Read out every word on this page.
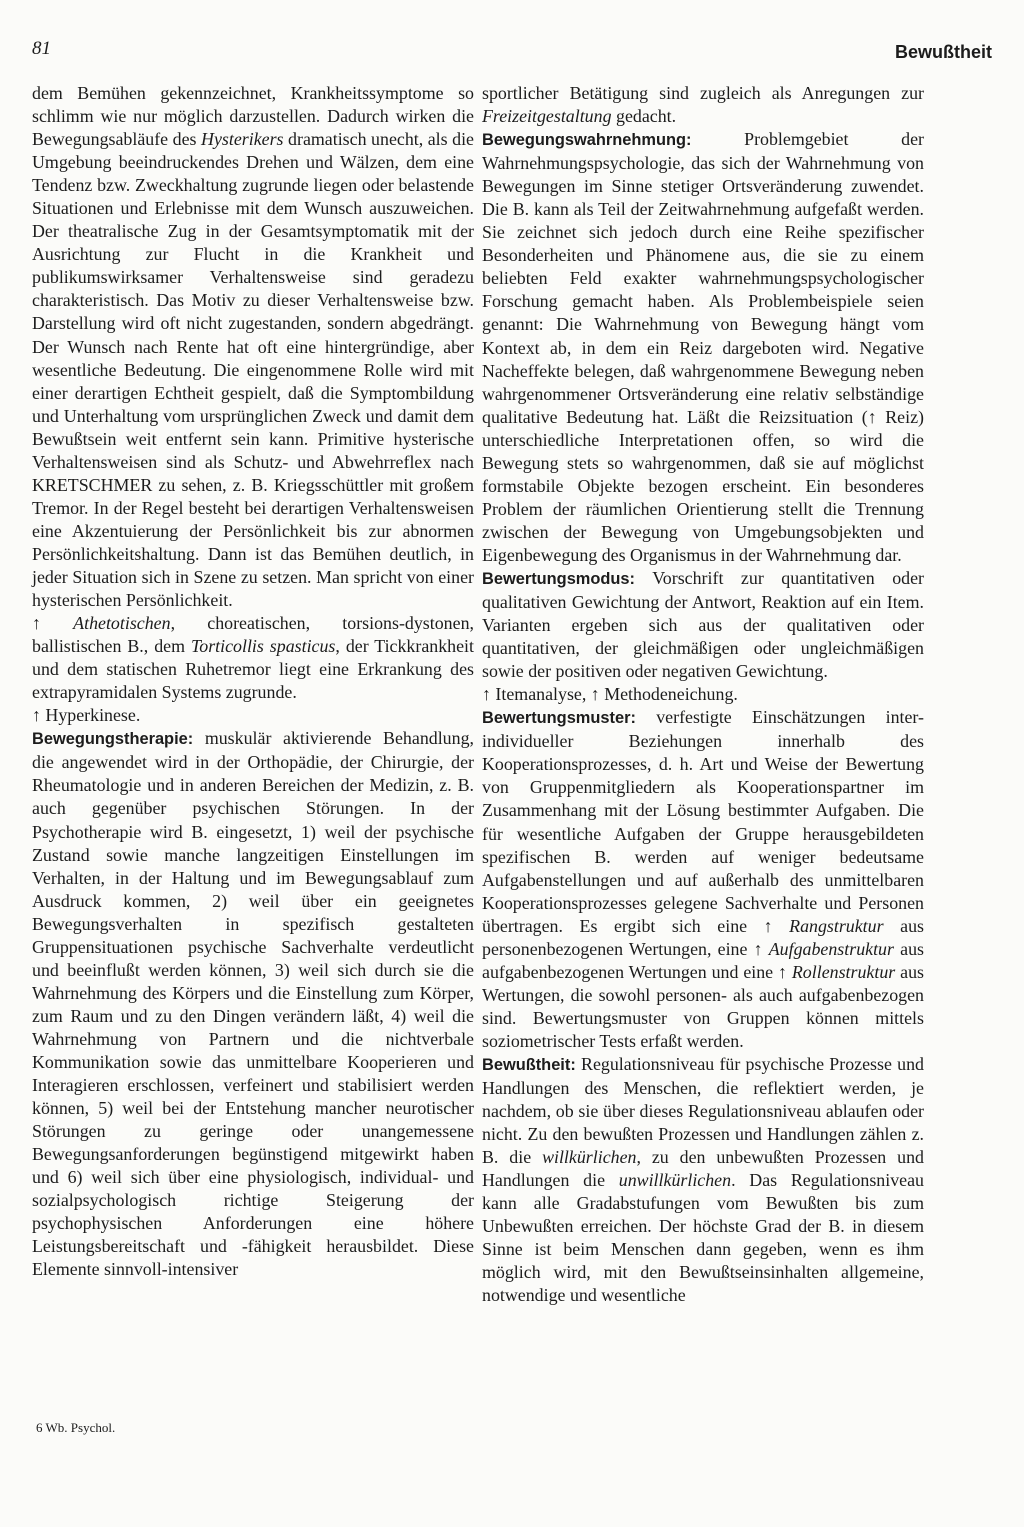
81	Bewußtheit

dem Bemühen gekennzeichnet, Krankheitssymptome so schlimm wie nur möglich darzustellen. Dadurch wirken die Bewegungsabläufe des Hysterikers dramatisch unecht, als die Umgebung beeindruckendes Drehen und Wälzen, dem eine Tendenz bzw. Zweckhaltung zugrunde liegen oder belastende Situationen und Erlebnisse mit dem Wunsch auszuweichen. Der theatralische Zug in der Gesamtsymptomatik mit der Ausrichtung zur Flucht in die Krankheit und publikumswirksamer Verhaltensweise sind geradezu charakteristisch. Das Motiv zu dieser Verhaltensweise bzw. Darstellung wird oft nicht zugestanden, sondern abgedrängt. Der Wunsch nach Rente hat oft eine hintergründige, aber wesentliche Bedeutung. Die eingenommene Rolle wird mit einer derartigen Echtheit gespielt, daß die Symptombildung und Unterhaltung vom ursprünglichen Zweck und damit dem Bewußtsein weit entfernt sein kann. Primitive hysterische Verhaltensweisen sind als Schutz- und Abwehrreflex nach KRETSCHMER zu sehen, z. B. Kriegsschüttler mit großem Tremor. In der Regel besteht bei derartigen Verhaltensweisen eine Akzentuierung der Persönlichkeit bis zur abnormen Persönlichkeitshaltung. Dann ist das Bemühen deutlich, in jeder Situation sich in Szene zu setzen. Man spricht von einer hysterischen Persönlichkeit.

↑ Athetotischen, choreatischen, torsions-dystonen, ballistischen B., dem Torticollis spasticus, der Tickkrankheit und dem statischen Ruhetremor liegt eine Erkrankung des extrapyramidalen Systems zugrunde.

↑ Hyperkinese.

Bewegungstherapie: muskulär aktivierende Behandlung, die angewendet wird in der Orthopädie, der Chirurgie, der Rheumatologie und in anderen Bereichen der Medizin, z. B. auch gegenüber psychischen Störungen. In der Psychotherapie wird B. eingesetzt, 1) weil der psychische Zustand sowie manche langzeitigen Einstellungen im Verhalten, in der Haltung und im Bewegungsablauf zum Ausdruck kommen, 2) weil über ein geeignetes Bewegungsverhalten in spezifisch gestalteten Gruppensituationen psychische Sachverhalte verdeutlicht und beeinflußt werden können, 3) weil sich durch sie die Wahrnehmung des Körpers und die Einstellung zum Körper, zum Raum und zu den Dingen verändern läßt, 4) weil die Wahrnehmung von Partnern und die nichtverbale Kommunikation sowie das unmittelbare Kooperieren und Interagieren erschlossen, verfeinert und stabilisiert werden können, 5) weil bei der Entstehung mancher neurotischer Störungen zu geringe oder unangemessene Bewegungsanforderungen begünstigend mitgewirkt haben und 6) weil sich über eine physiologisch, individual- und sozialpsychologisch richtige Steigerung der psychophysischen Anforderungen eine höhere Leistungsbereitschaft und -fähigkeit herausbildet. Diese Elemente sinnvoll-intensiver

sportlicher Betätigung sind zugleich als Anregungen zur Freizeitgestaltung gedacht.

Bewegungswahrnehmung: Problemgebiet der Wahrnehmungspsychologie, das sich der Wahrnehmung von Bewegungen im Sinne stetiger Ortsveränderung zuwendet. Die B. kann als Teil der Zeitwahrnehmung aufgefaßt werden. Sie zeichnet sich jedoch durch eine Reihe spezifischer Besonderheiten und Phänomene aus, die sie zu einem beliebten Feld exakter wahrnehmungspsychologischer Forschung gemacht haben. Als Problembeispiele seien genannt: Die Wahrnehmung von Bewegung hängt vom Kontext ab, in dem ein Reiz dargeboten wird. Negative Nacheffekte belegen, daß wahrgenommene Bewegung neben wahrgenommener Ortsveränderung eine relativ selbständige qualitative Bedeutung hat. Läßt die Reizsituation (↑ Reiz) unterschiedliche Interpretationen offen, so wird die Bewegung stets so wahrgenommen, daß sie auf möglichst formstabile Objekte bezogen erscheint. Ein besonderes Problem der räumlichen Orientierung stellt die Trennung zwischen der Bewegung von Umgebungsobjekten und Eigenbewegung des Organismus in der Wahrnehmung dar.

Bewertungsmodus: Vorschrift zur quantitativen oder qualitativen Gewichtung der Antwort, Reaktion auf ein Item. Varianten ergeben sich aus der qualitativen oder quantitativen, der gleichmäßigen oder ungleichmäßigen sowie der positiven oder negativen Gewichtung.

↑ Itemanalyse, ↑ Methodeneichung.

Bewertungsmuster: verfestigte Einschätzungen inter-individueller Beziehungen innerhalb des Kooperationsprozesses, d. h. Art und Weise der Bewertung von Gruppenmitgliedern als Kooperationspartner im Zusammenhang mit der Lösung bestimmter Aufgaben. Die für wesentliche Aufgaben der Gruppe herausgebildeten spezifischen B. werden auf weniger bedeutsame Aufgabenstellungen und auf außerhalb des unmittelbaren Kooperationsprozesses gelegene Sachverhalte und Personen übertragen. Es ergibt sich eine ↑ Rangstruktur aus personenbezogenen Wertungen, eine ↑ Aufgabenstruktur aus aufgabenbezogenen Wertungen und eine ↑ Rollenstruktur aus Wertungen, die sowohl personen- als auch aufgabenbezogen sind. Bewertungsmuster von Gruppen können mittels soziometrischer Tests erfaßt werden.

Bewußtheit: Regulationsniveau für psychische Prozesse und Handlungen des Menschen, die reflektiert werden, je nachdem, ob sie über dieses Regulationsniveau ablaufen oder nicht. Zu den bewußten Prozessen und Handlungen zählen z. B. die willkürlichen, zu den unbewußten Prozessen und Handlungen die unwillkürlichen. Das Regulationsniveau kann alle Gradabstufungen vom Bewußten bis zum Unbewußten erreichen. Der höchste Grad der B. in diesem Sinne ist beim Menschen dann gegeben, wenn es ihm möglich wird, mit den Bewußtseinsinhalten allgemeine, notwendige und wesentliche

6 Wb. Psychol.
